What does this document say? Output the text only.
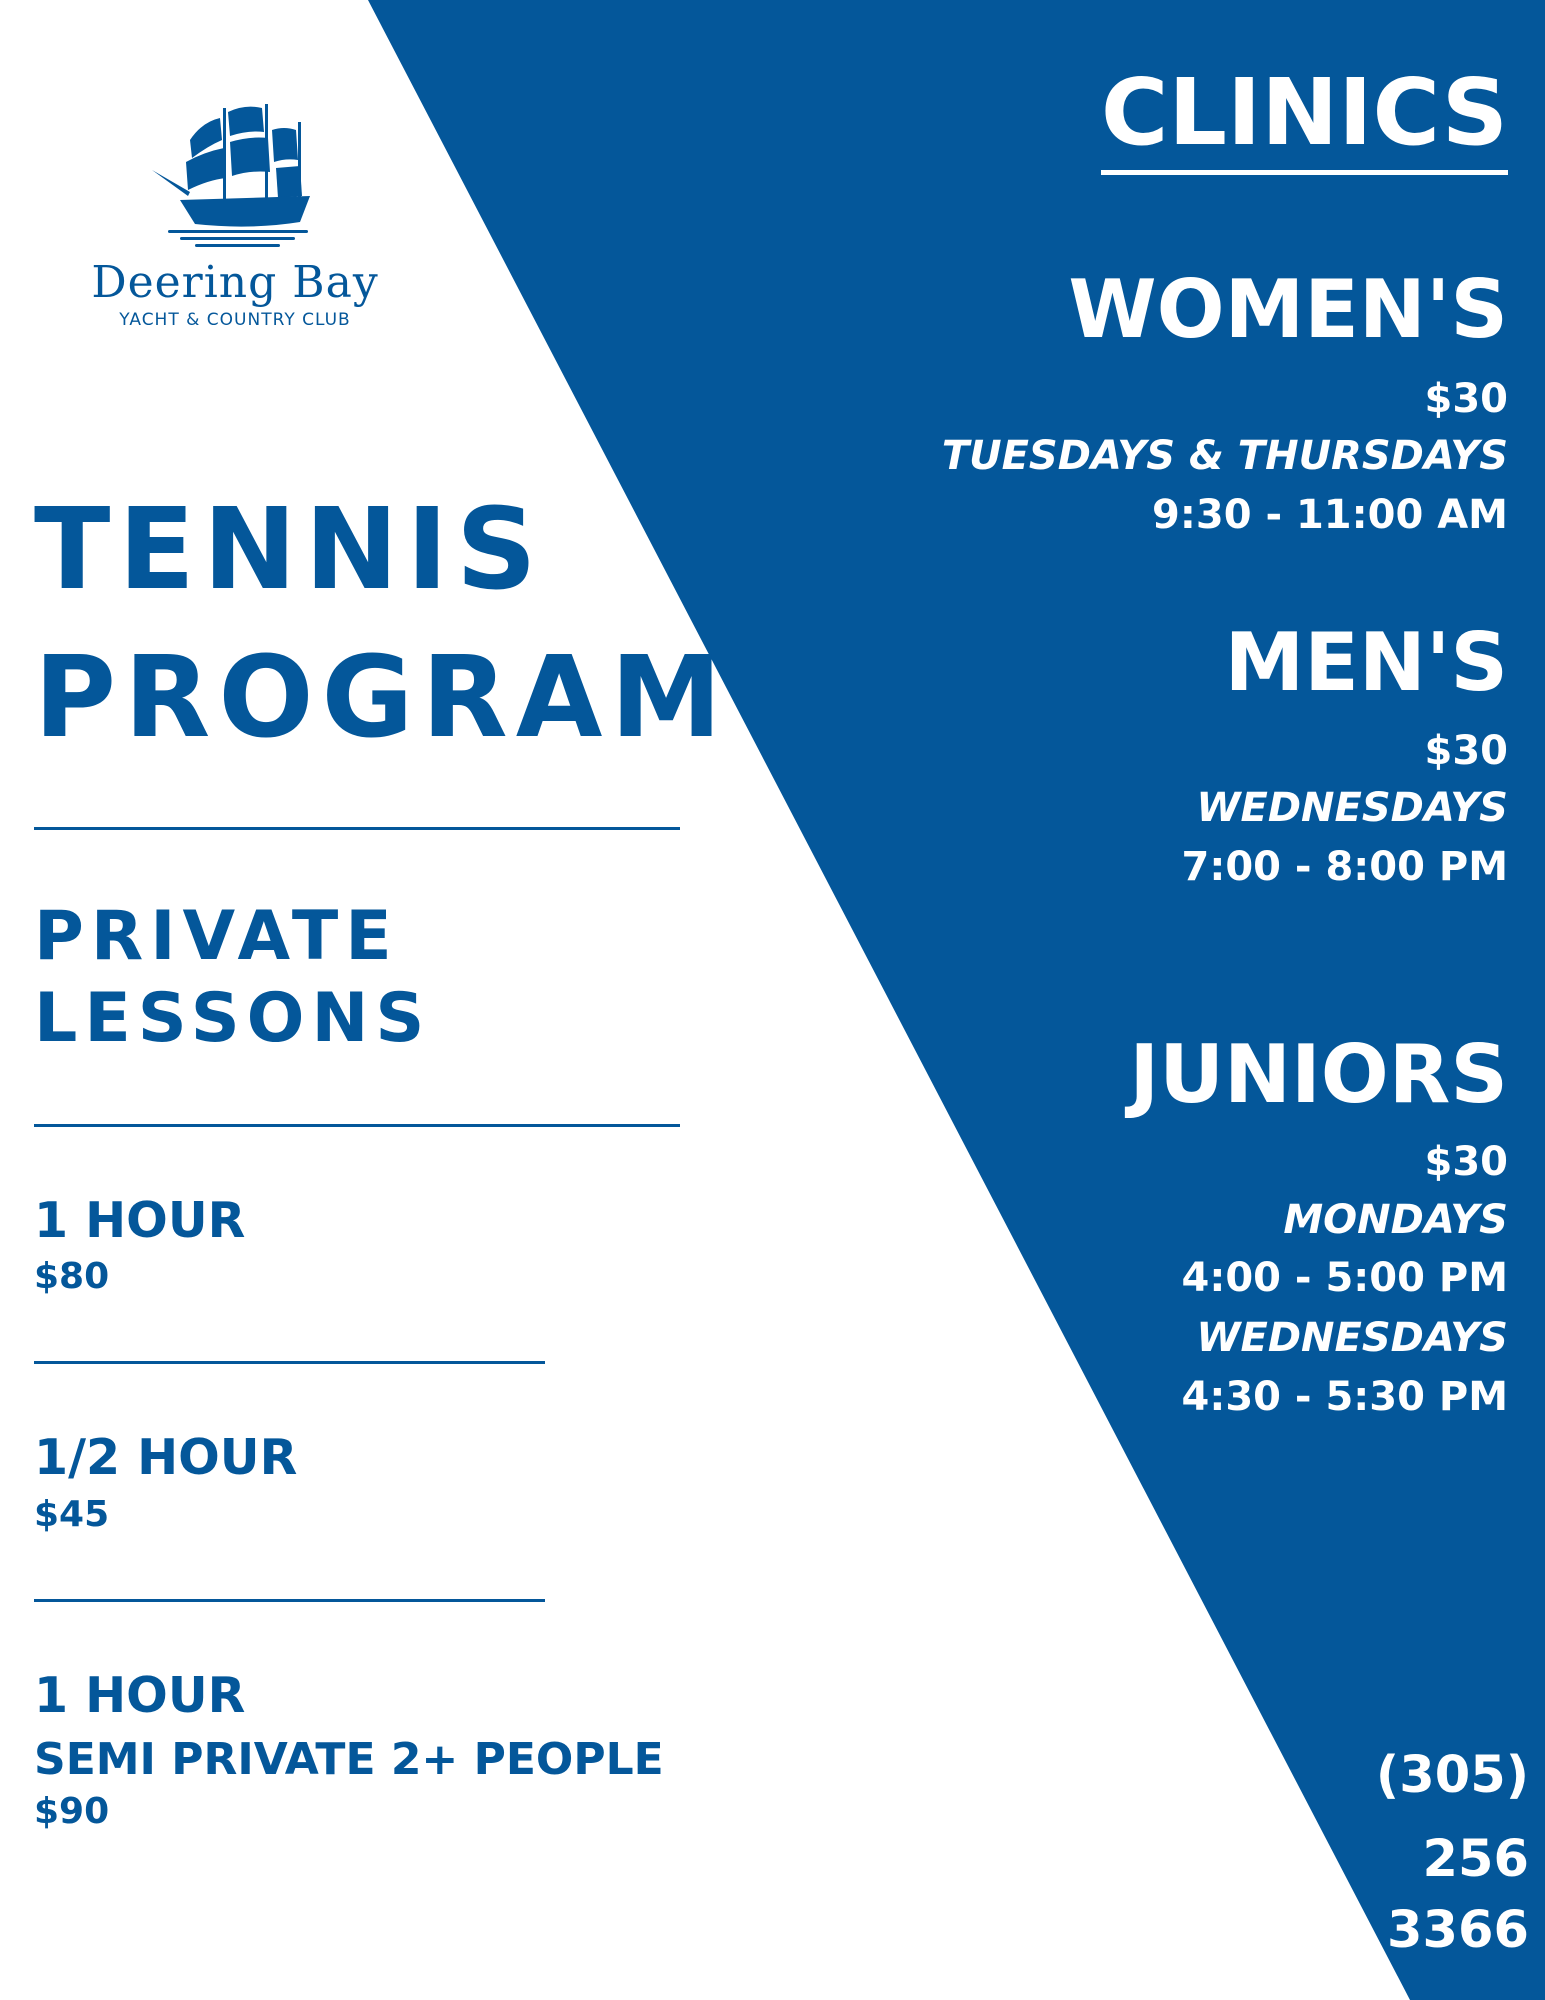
Deering Bay
YACHT & COUNTRY CLUB
TENNIS
PROGRAM
PRIVATE
LESSONS
1 HOUR
$80
1/2 HOUR
$45
1 HOUR
SEMI PRIVATE 2+ PEOPLE
$90
CLINICS
WOMEN'S
$30
TUESDAYS & THURSDAYS
9:30 - 11:00 AM
MEN'S
$30
WEDNESDAYS
7:00 - 8:00 PM
JUNIORS
$30
MONDAYS
4:00 - 5:00 PM
WEDNESDAYS
4:30 - 5:30 PM
(305)
256
3366
